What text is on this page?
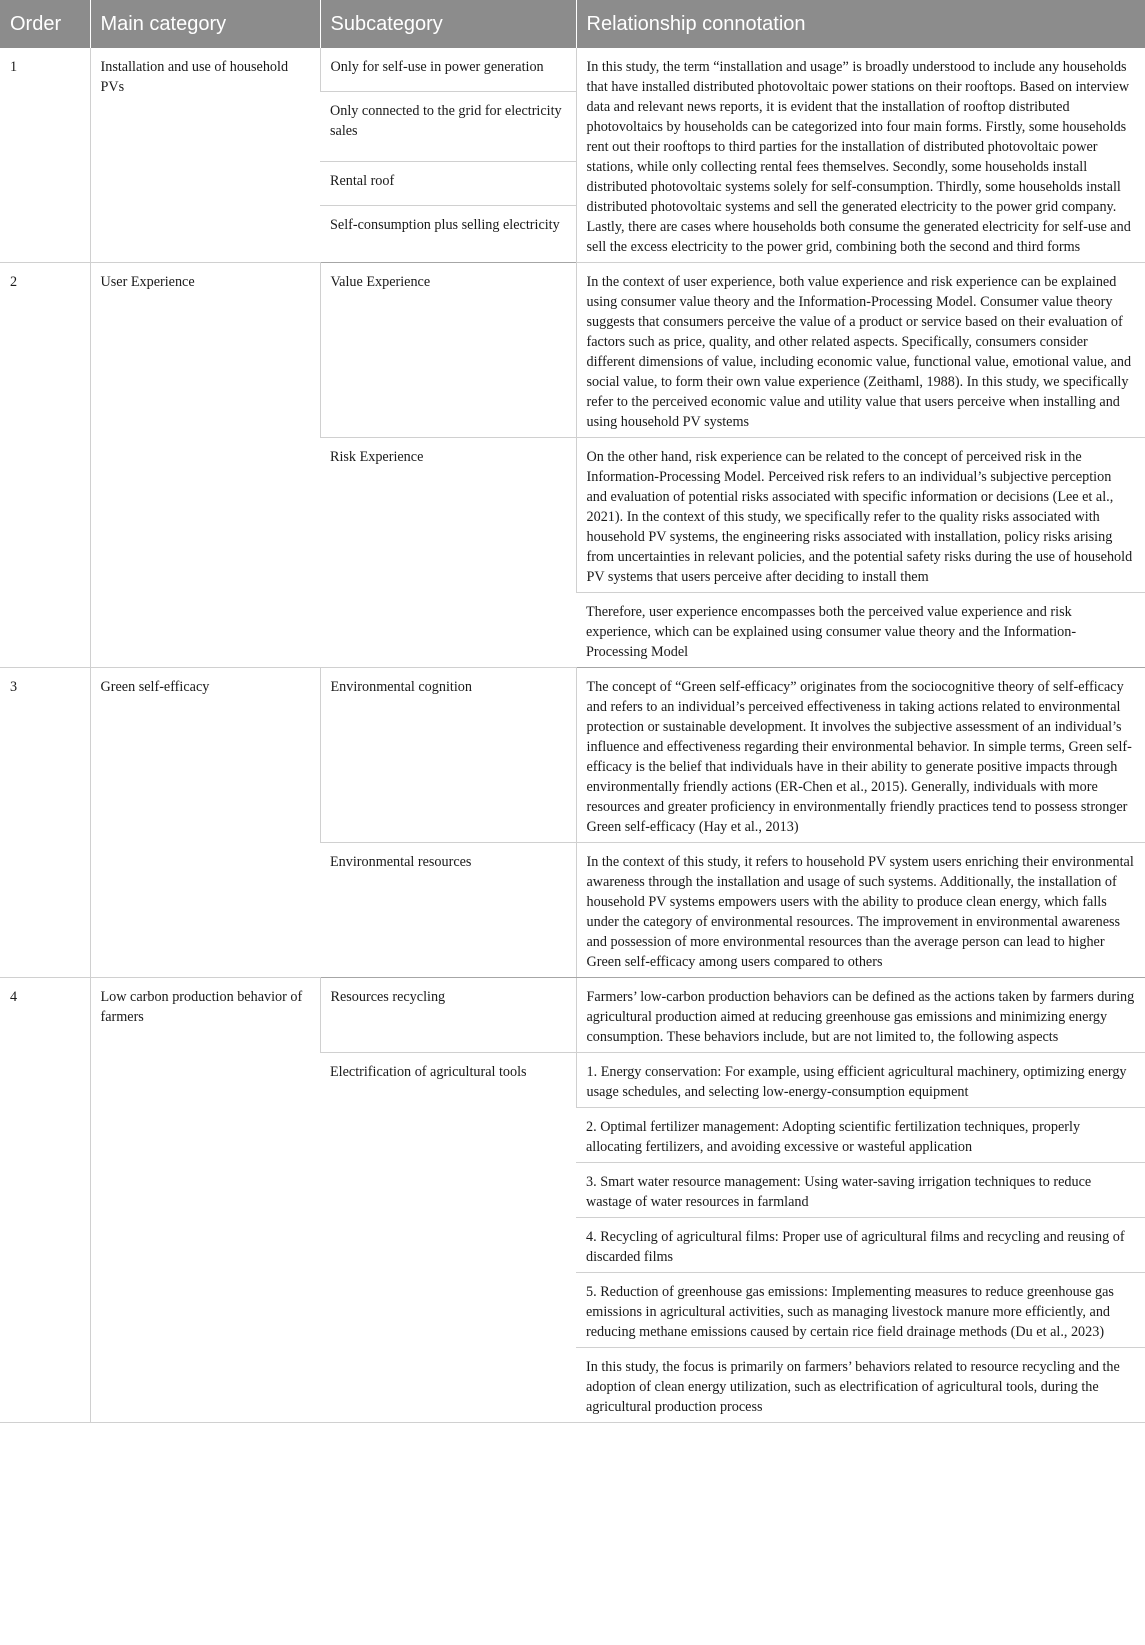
Order	Main category	Subcategory	Relationship connotation
1	Installation and use of household PVs	Only for self-use in power generation	In this study, the term “installation and usage” is broadly understood to include any households that have installed distributed photovoltaic power stations on their rooftops. Based on interview data and relevant news reports, it is evident that the installation of rooftop distributed photovoltaics by households can be categorized into four main forms. Firstly, some households rent out their rooftops to third parties for the installation of distributed photovoltaic power stations, while only collecting rental fees themselves. Secondly, some households install distributed photovoltaic systems solely for self-consumption. Thirdly, some households install distributed photovoltaic systems and sell the generated electricity to the power grid company. Lastly, there are cases where households both consume the generated electricity for self-use and sell the excess electricity to the power grid, combining both the second and third forms
		Only connected to the grid for electricity sales	
		Rental roof	
		Self-consumption plus selling electricity	
2	User Experience	Value Experience	In the context of user experience, both value experience and risk experience can be explained using consumer value theory and the Information-Processing Model. Consumer value theory suggests that consumers perceive the value of a product or service based on their evaluation of factors such as price, quality, and other related aspects. Specifically, consumers consider different dimensions of value, including economic value, functional value, emotional value, and social value, to form their own value experience (Zeithaml, 1988). In this study, we specifically refer to the perceived economic value and utility value that users perceive when installing and using household PV systems
		Risk Experience	On the other hand, risk experience can be related to the concept of perceived risk in the Information-Processing Model. Perceived risk refers to an individual’s subjective perception and evaluation of potential risks associated with specific information or decisions (Lee et al., 2021). In the context of this study, we specifically refer to the quality risks associated with household PV systems, the engineering risks associated with installation, policy risks arising from uncertainties in relevant policies, and the potential safety risks during the use of household PV systems that users perceive after deciding to install them
			Therefore, user experience encompasses both the perceived value experience and risk experience, which can be explained using consumer value theory and the Information-Processing Model
3	Green self-efficacy	Environmental cognition	The concept of “Green self-efficacy” originates from the sociocognitive theory of self-efficacy and refers to an individual’s perceived effectiveness in taking actions related to environmental protection or sustainable development. It involves the subjective assessment of an individual’s influence and effectiveness regarding their environmental behavior. In simple terms, Green self-efficacy is the belief that individuals have in their ability to generate positive impacts through environmentally friendly actions (ER-Chen et al., 2015). Generally, individuals with more resources and greater proficiency in environmentally friendly practices tend to possess stronger Green self-efficacy (Hay et al., 2013)
		Environmental resources	In the context of this study, it refers to household PV system users enriching their environmental awareness through the installation and usage of such systems. Additionally, the installation of household PV systems empowers users with the ability to produce clean energy, which falls under the category of environmental resources. The improvement in environmental awareness and possession of more environmental resources than the average person can lead to higher Green self-efficacy among users compared to others
4	Low carbon production behavior of farmers	Resources recycling	Farmers’ low-carbon production behaviors can be defined as the actions taken by farmers during agricultural production aimed at reducing greenhouse gas emissions and minimizing energy consumption. These behaviors include, but are not limited to, the following aspects
		Electrification of agricultural tools	1. Energy conservation: For example, using efficient agricultural machinery, optimizing energy usage schedules, and selecting low-energy-consumption equipment
			2. Optimal fertilizer management: Adopting scientific fertilization techniques, properly allocating fertilizers, and avoiding excessive or wasteful application
			3. Smart water resource management: Using water-saving irrigation techniques to reduce wastage of water resources in farmland
			4. Recycling of agricultural films: Proper use of agricultural films and recycling and reusing of discarded films
			5. Reduction of greenhouse gas emissions: Implementing measures to reduce greenhouse gas emissions in agricultural activities, such as managing livestock manure more efficiently, and reducing methane emissions caused by certain rice field drainage methods (Du et al., 2023)
			In this study, the focus is primarily on farmers’ behaviors related to resource recycling and the adoption of clean energy utilization, such as electrification of agricultural tools, during the agricultural production process
